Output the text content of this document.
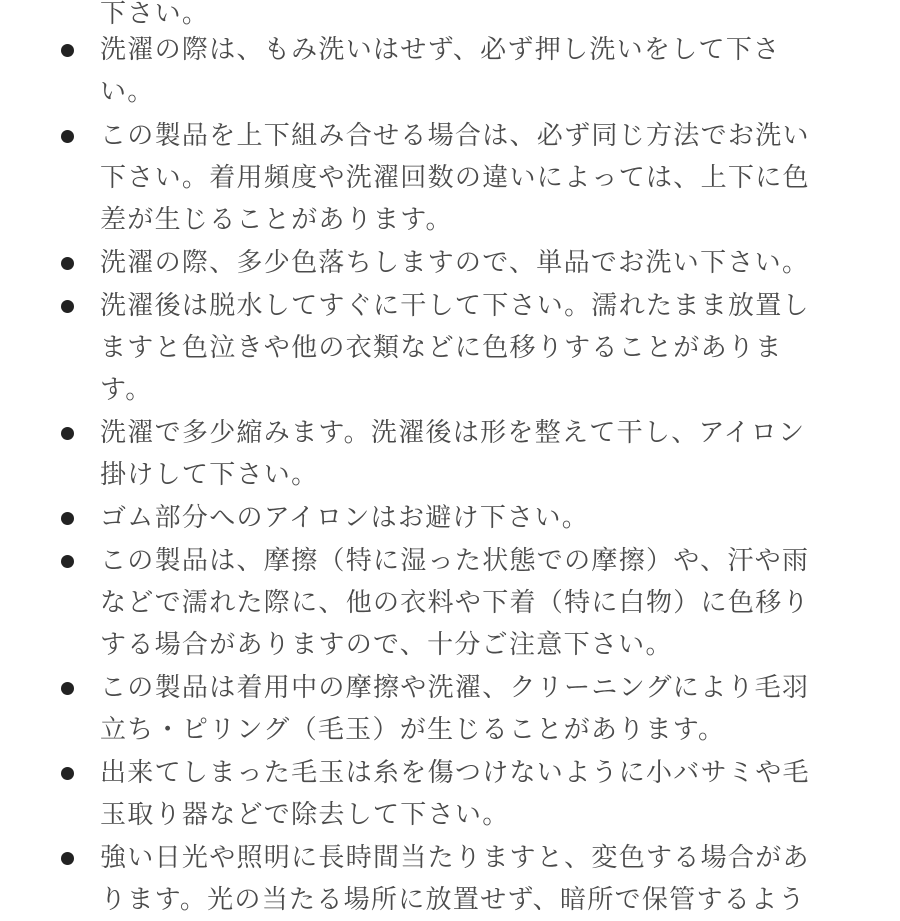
下さい。
洗濯の際は、もみ洗いはせず、必ず押し洗いをして下さ
い。
この製品を上下組み合せる場合は、必ず同じ方法でお洗い
下さい。着用頻度や洗濯回数の違いによっては、上下に色
差が生じることがあります。
洗濯の際、多少色落ちしますので、単品でお洗い下さい。
洗濯後は脱水してすぐに干して下さい。濡れたまま放置し
ますと色泣きや他の衣類などに色移りすることがありま
す。
洗濯で多少縮みます。洗濯後は形を整えて干し、アイロン
掛けして下さい。
ゴム部分へのアイロンはお避け下さい。
この製品は、摩擦（特に湿った状態での摩擦）や、汗や雨
などで濡れた際に、他の衣料や下着（特に白物）に色移り
する場合がありますので、十分ご注意下さい。
この製品は着用中の摩擦や洗濯、クリーニングにより毛羽
立ち・ピリング（毛玉）が生じることがあります。
出来てしまった毛玉は糸を傷つけないように小バサミや毛
玉取り器などで除去して下さい。
強い日光や照明に長時間当たりますと、変色する場合があ
ります。光の当たる場所に放置せず、暗所で保管するよう
